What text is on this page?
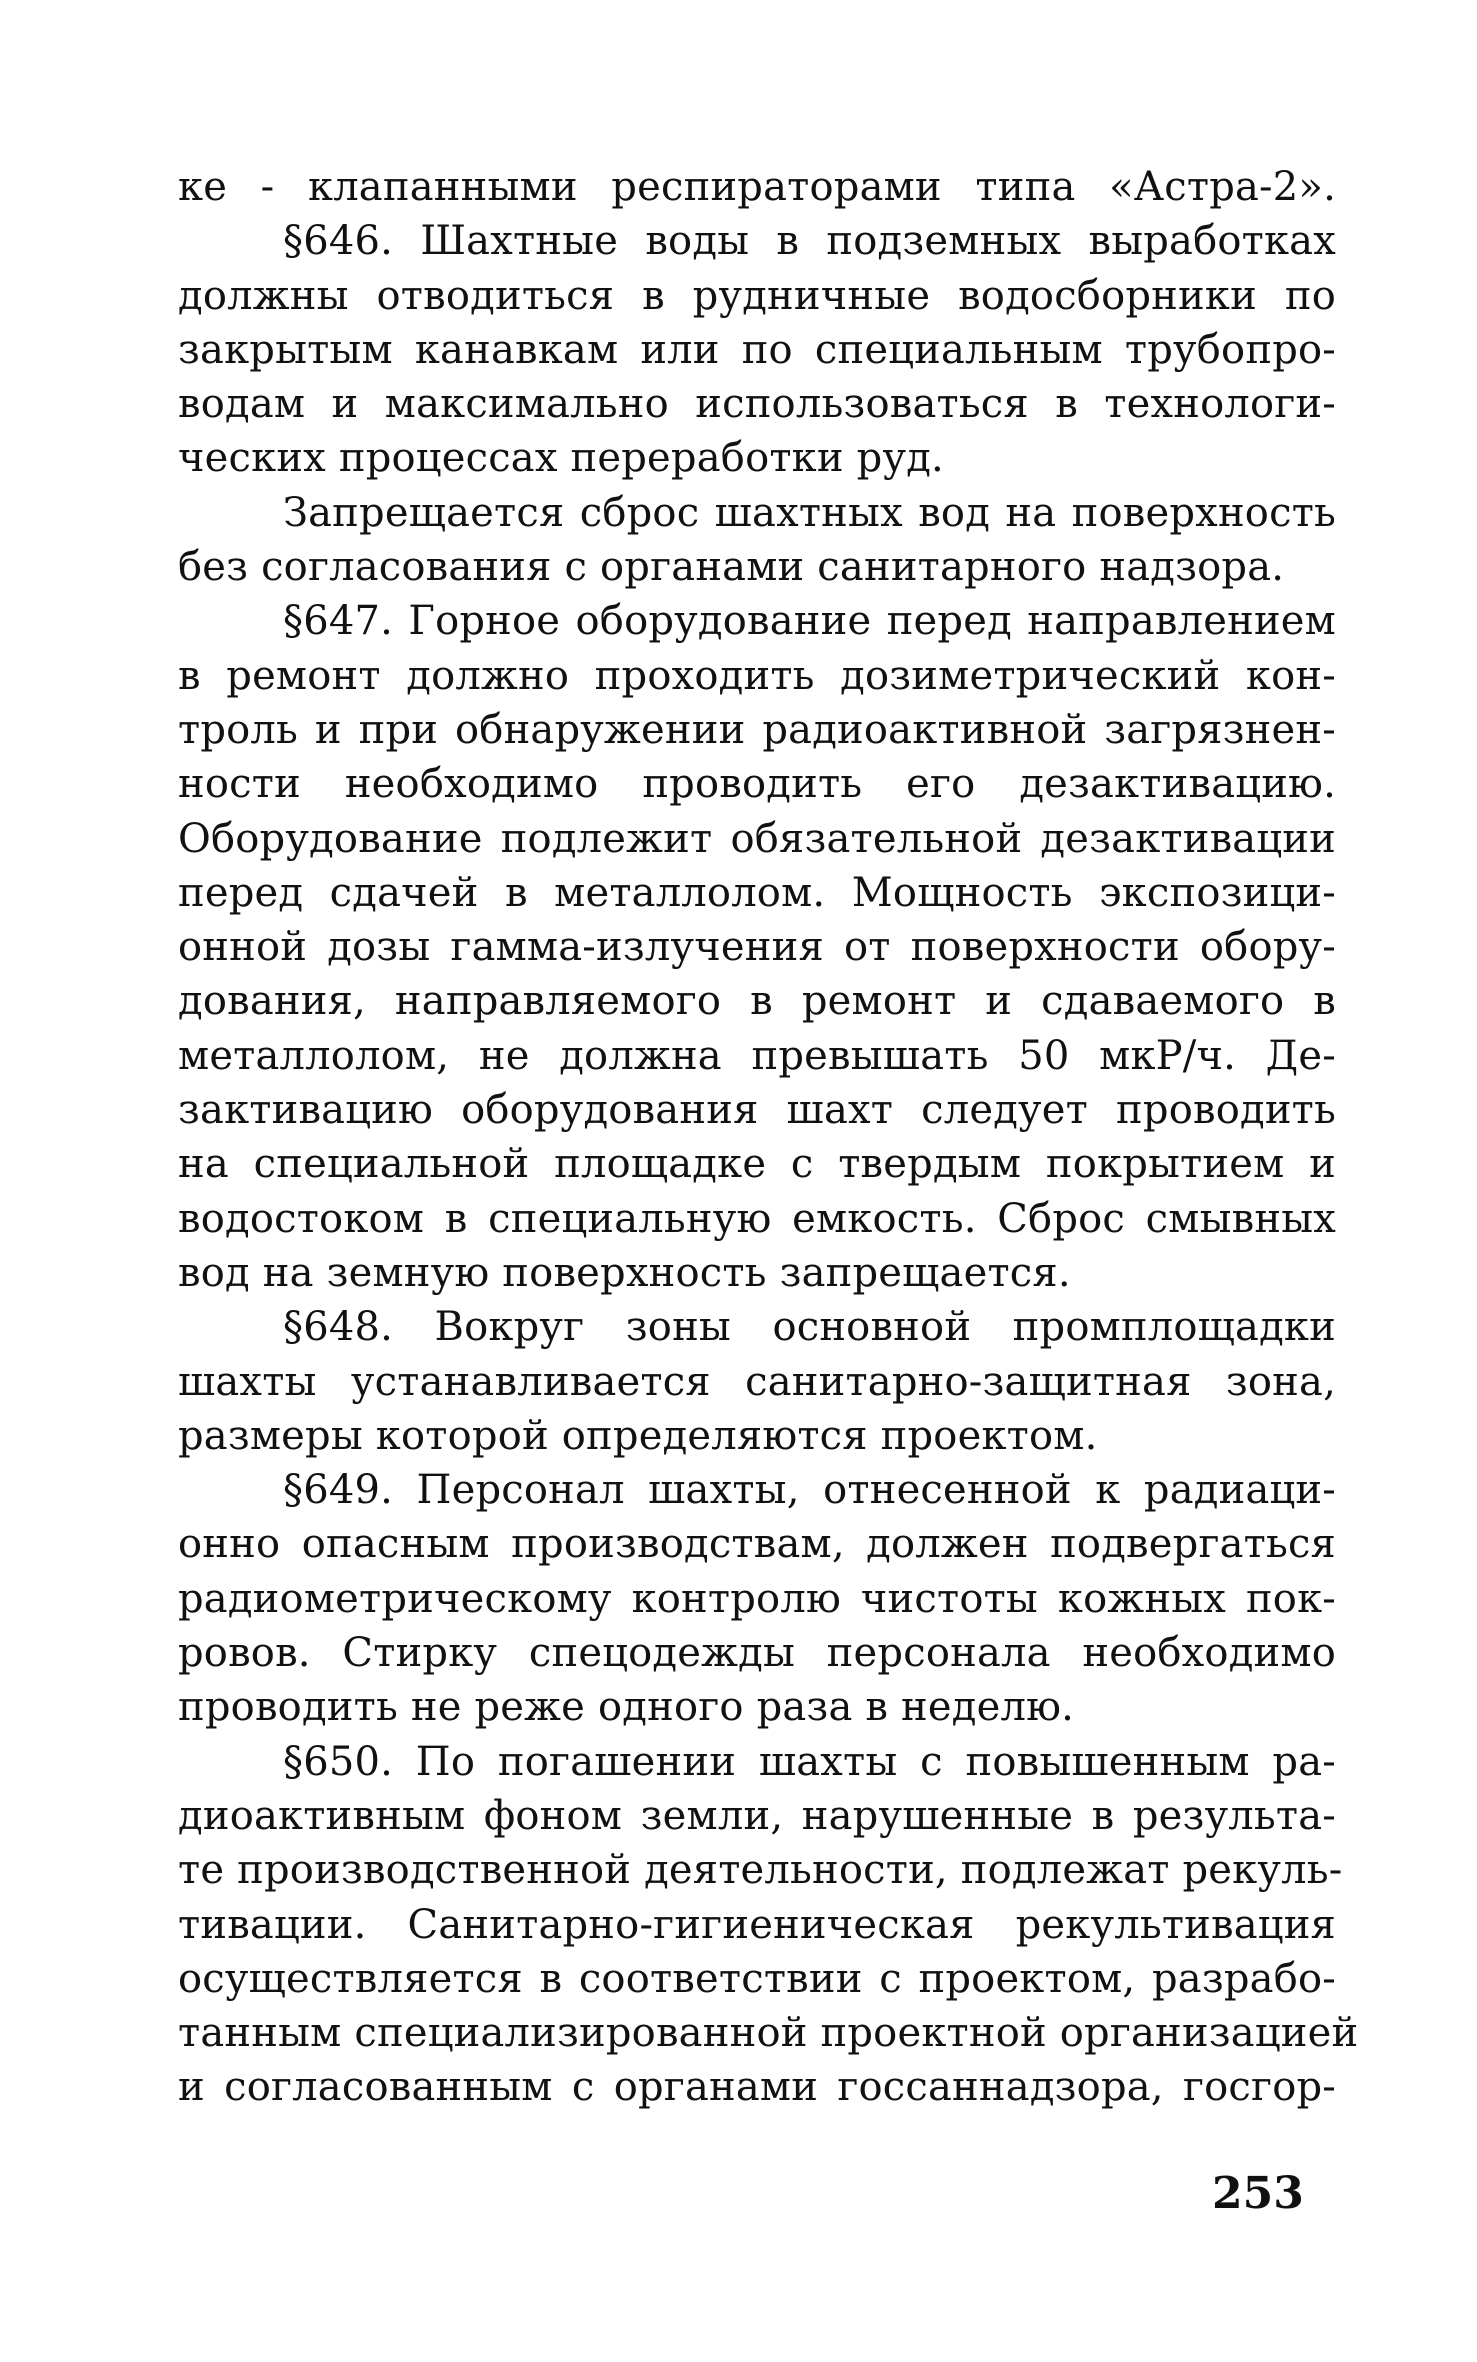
ке - клапанными респираторами типа «Астра-2».
§646. Шахтные воды в подземных выработках
должны отводиться в рудничные водосборники по
закрытым канавкам или по специальным трубопро-
водам и максимально использоваться в технологи-
ческих процессах переработки руд.
Запрещается сброс шахтных вод на поверхность
без согласования с органами санитарного надзора.
§647. Горное оборудование перед направлением
в ремонт должно проходить дозиметрический кон-
троль и при обнаружении радиоактивной загрязнен-
ности необходимо проводить его дезактивацию.
Оборудование подлежит обязательной дезактивации
перед сдачей в металлолом. Мощность экспозици-
онной дозы гамма-излучения от поверхности обору-
дования, направляемого в ремонт и сдаваемого в
металлолом, не должна превышать 50 мкР/ч. Де-
зактивацию оборудования шахт следует проводить
на специальной площадке с твердым покрытием и
водостоком в специальную емкость. Сброс смывных
вод на земную поверхность запрещается.
§648. Вокруг зоны основной промплощадки
шахты устанавливается санитарно-защитная зона,
размеры которой определяются проектом.
§649. Персонал шахты, отнесенной к радиаци-
онно опасным производствам, должен подвергаться
радиометрическому контролю чистоты кожных пок-
ровов. Стирку спецодежды персонала необходимо
проводить не реже одного раза в неделю.
§650. По погашении шахты с повышенным ра-
диоактивным фоном земли, нарушенные в результа-
те производственной деятельности, подлежат рекуль-
тивации. Санитарно-гигиеническая рекультивация
осуществляется в соответствии с проектом, разрабо-
танным специализированной проектной организацией
и согласованным с органами госсаннадзора, госгор-
253
